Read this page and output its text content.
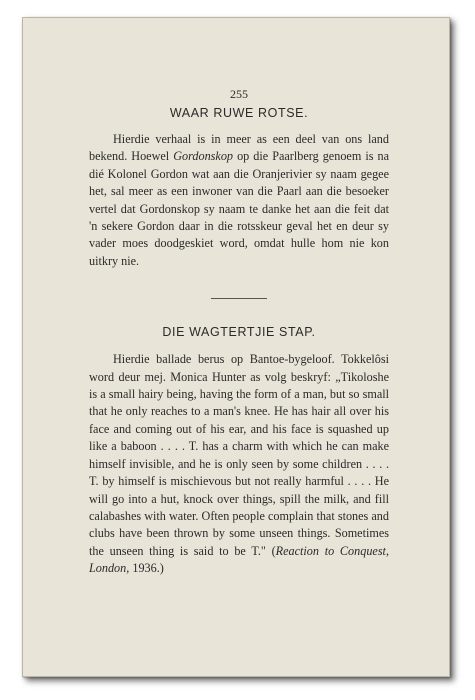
255
WAAR RUWE ROTSE.

Hierdie verhaal is in meer as een deel van ons land bekend. Hoewel Gordonskop op die Paarlberg genoem is na dié Kolonel Gordon wat aan die Oranjerivier sy naam gegee het, sal meer as een inwoner van die Paarl aan die besoeker vertel dat Gordonskop sy naam te danke het aan die feit dat 'n sekere Gordon daar in die rotsskeur geval het en deur sy vader moes doodgeskiet word, omdat hulle hom nie kon uitkry nie.

DIE WAGTERTJIE STAP.

Hierdie ballade berus op Bantoe-bygeloof. Tokkelôsi word deur mej. Monica Hunter as volg beskryf: „Tikoloshe is a small hairy being, having the form of a man, but so small that he only reaches to a man's knee. He has hair all over his face and coming out of his ear, and his face is squashed up like a baboon . . . . T. has a charm with which he can make himself invisible, and he is only seen by some children . . . . T. by himself is mischievous but not really harmful . . . . He will go into a hut, knock over things, spill the milk, and fill calabashes with water. Often people complain that stones and clubs have been thrown by some unseen things. Sometimes the unseen thing is said to be T." (Reaction to Conquest, London, 1936.)
